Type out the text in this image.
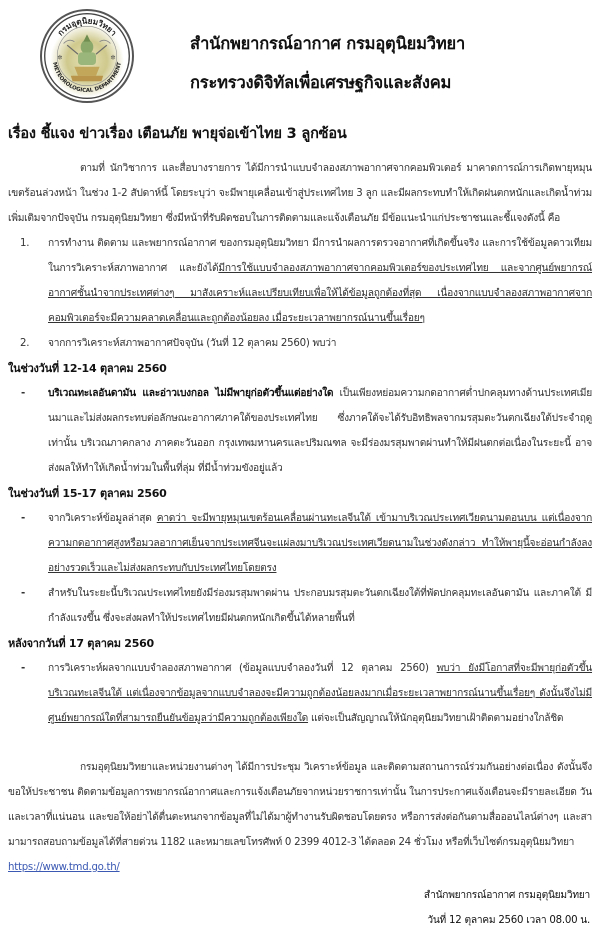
กรมอุตุนิยมวิทยา
METEOROLOGICAL DEPARTMENT
✲	✲
สำนักพยากรณ์อากาศ กรมอุตุนิยมวิทยา
กระทรวงดิจิทัลเพื่อเศรษฐกิจและสังคม
เรื่อง ชี้แจง ข่าวเรื่อง เตือนภัย พายุจ่อเข้าไทย 3 ลูกซ้อน

ตามที่ นักวิชาการ และสื่อบางรายการ ได้มีการนำแบบจำลองสภาพอากาศจากคอมพิวเตอร์ มาคาดการณ์การเกิดพายุหมุนเขตร้อนล่วงหน้า ในช่วง 1-2 สัปดาห์นี้ โดยระบุว่า จะมีพายุเคลื่อนเข้าสู่ประเทศไทย 3 ลูก และมีผลกระทบทำให้เกิดฝนตกหนักและเกิดน้ำท่วมเพิ่มเติมจากปัจจุบัน กรมอุตุนิยมวิทยา ซึ่งมีหน้าที่รับผิดชอบในการติดตามและแจ้งเตือนภัย มีข้อแนะนำแก่ประชาชนและชี้แจงดังนี้ คือ

1. การทำงาน ติดตาม และพยากรณ์อากาศ ของกรมอุตุนิยมวิทยา มีการนำผลการตรวจอากาศที่เกิดขึ้นจริง และการใช้ข้อมูลดาวเทียมในการวิเคราะห์สภาพอากาศ และยังได้มีการใช้แบบจำลองสภาพอากาศจากคอมพิวเตอร์ของประเทศไทย และจากศูนย์พยากรณ์อากาศชั้นนำจากประเทศต่างๆ มาสังเคราะห์และเปรียบเทียบเพื่อให้ได้ข้อมูลถูกต้องที่สุด เนื่องจากแบบจำลองสภาพอากาศจากคอมพิวเตอร์จะมีความคลาดเคลื่อนและถูกต้องน้อยลง เมื่อระยะเวลาพยากรณ์นานขึ้นเรื่อยๆ
2. จากการวิเคราะห์สภาพอากาศปัจจุบัน (วันที่ 12 ตุลาคม 2560) พบว่า

ในช่วงวันที่ 12-14 ตุลาคม 2560

- บริเวณทะเลอันดามัน และอ่าวเบงกอล ไม่มีพายุก่อตัวขึ้นแต่อย่างใด เป็นเพียงหย่อมความกดอากาศต่ำปกคลุมทางด้านประเทศเมียนมาและไม่ส่งผลกระทบต่อลักษณะอากาศภาคใต้ของประเทศไทย ซึ่งภาคใต้จะได้รับอิทธิพลจากมรสุมตะวันตกเฉียงใต้ประจำฤดูเท่านั้น บริเวณภาคกลาง ภาคตะวันออก กรุงเทพมหานครและปริมณฑล จะมีร่องมรสุมพาดผ่านทำให้มีฝนตกต่อเนื่องในระยะนี้ อาจส่งผลให้ทำให้เกิดน้ำท่วมในพื้นที่ลุ่ม ที่มีน้ำท่วมขังอยู่แล้ว

ในช่วงวันที่ 15-17 ตุลาคม 2560

- จากวิเคราะห์ข้อมูลล่าสุด คาดว่า จะมีพายุหมุนเขตร้อนเคลื่อนผ่านทะเลจีนใต้ เข้ามาบริเวณประเทศเวียดนามตอนบน แต่เนื่องจากความกดอากาศสูงหรือมวลอากาศเย็นจากประเทศจีนจะแผ่ลงมาบริเวณประเทศเวียดนามในช่วงดังกล่าว ทำให้พายุนี้จะอ่อนกำลังลงอย่างรวดเร็วและไม่ส่งผลกระทบกับประเทศไทยโดยตรง
- สำหรับในระยะนี้บริเวณประเทศไทยยังมีร่องมรสุมพาดผ่าน ประกอบมรสุมตะวันตกเฉียงใต้ที่พัดปกคลุมทะเลอันดามัน และภาคใต้ มีกำลังแรงขึ้น ซึ่งจะส่งผลทำให้ประเทศไทยมีฝนตกหนักเกิดขึ้นได้หลายพื้นที่

หลังจากวันที่ 17 ตุลาคม 2560

- การวิเคราะห์ผลจากแบบจำลองสภาพอากาศ (ข้อมูลแบบจำลองวันที่ 12 ตุลาคม 2560) พบว่า ยังมีโอกาสที่จะมีพายุก่อตัวขึ้นบริเวณทะเลจีนใต้ แต่เนื่องจากข้อมูลจากแบบจำลองจะมีความถูกต้องน้อยลงมากเมื่อระยะเวลาพยากรณ์นานขึ้นเรื่อยๆ ดังนั้นจึงไม่มีศูนย์พยากรณ์ใดที่สามารถยืนยันข้อมูลว่ามีความถูกต้องเพียงใด แต่จะเป็นสัญญาณให้นักอุตุนิยมวิทยาเฝ้าติดตามอย่างใกล้ชิด

กรมอุตุนิยมวิทยาและหน่วยงานต่างๆ ได้มีการประชุม วิเคราะห์ข้อมูล และติดตามสถานการณ์ร่วมกันอย่างต่อเนื่อง ดังนั้นจึงขอให้ประชาชน ติดตามข้อมูลการพยากรณ์อากาศและการแจ้งเตือนภัยจากหน่วยราชการเท่านั้น ในการประกาศแจ้งเตือนจะมีรายละเอียด วันและเวลาที่แน่นอน และขอให้อย่าได้ตื่นตะหนกจากข้อมูลที่ไม่ได้มาผู้ทำงานรับผิดชอบโดยตรง หรือการส่งต่อกันตามสื่อออนไลน์ต่างๆ และสามามารถสอบถามข้อมูลได้ที่สายด่วน 1182 และหมายเลขโทรศัพท์ 0 2399 4012-3 ได้ตลอด 24 ชั่วโมง หรือที่เว็บไซต์กรมอุตุนิยมวิทยา

https://www.tmd.go.th/

สำนักพยากรณ์อากาศ กรมอุตุนิยมวิทยา

วันที่ 12 ตุลาคม 2560 เวลา 08.00 น.
